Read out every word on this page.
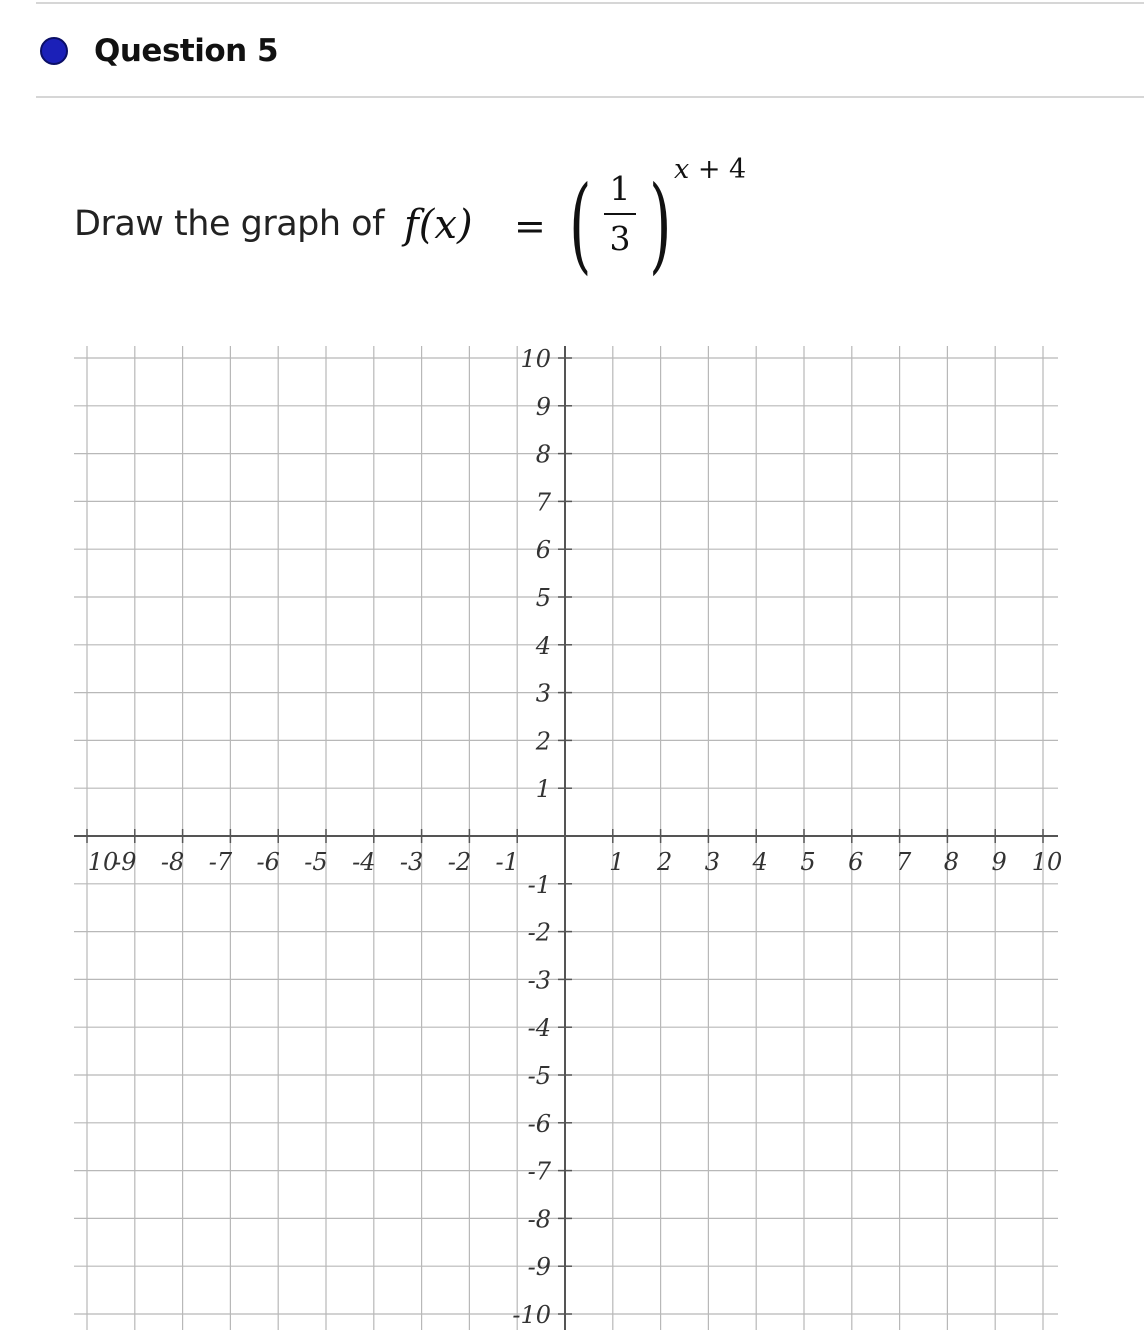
Question 5
Draw the graph of f(x) = ( 1
3 ) x + 4
10
-9 -8 -7 -6 -5 -4 -3 -2 -1	1 2 3 4 5 6 7 8 9 10
10
9
8
7
6
5
4
3
2
1
-1
-2
-3
-4
-5
-6
-7
-8
-9
-10
